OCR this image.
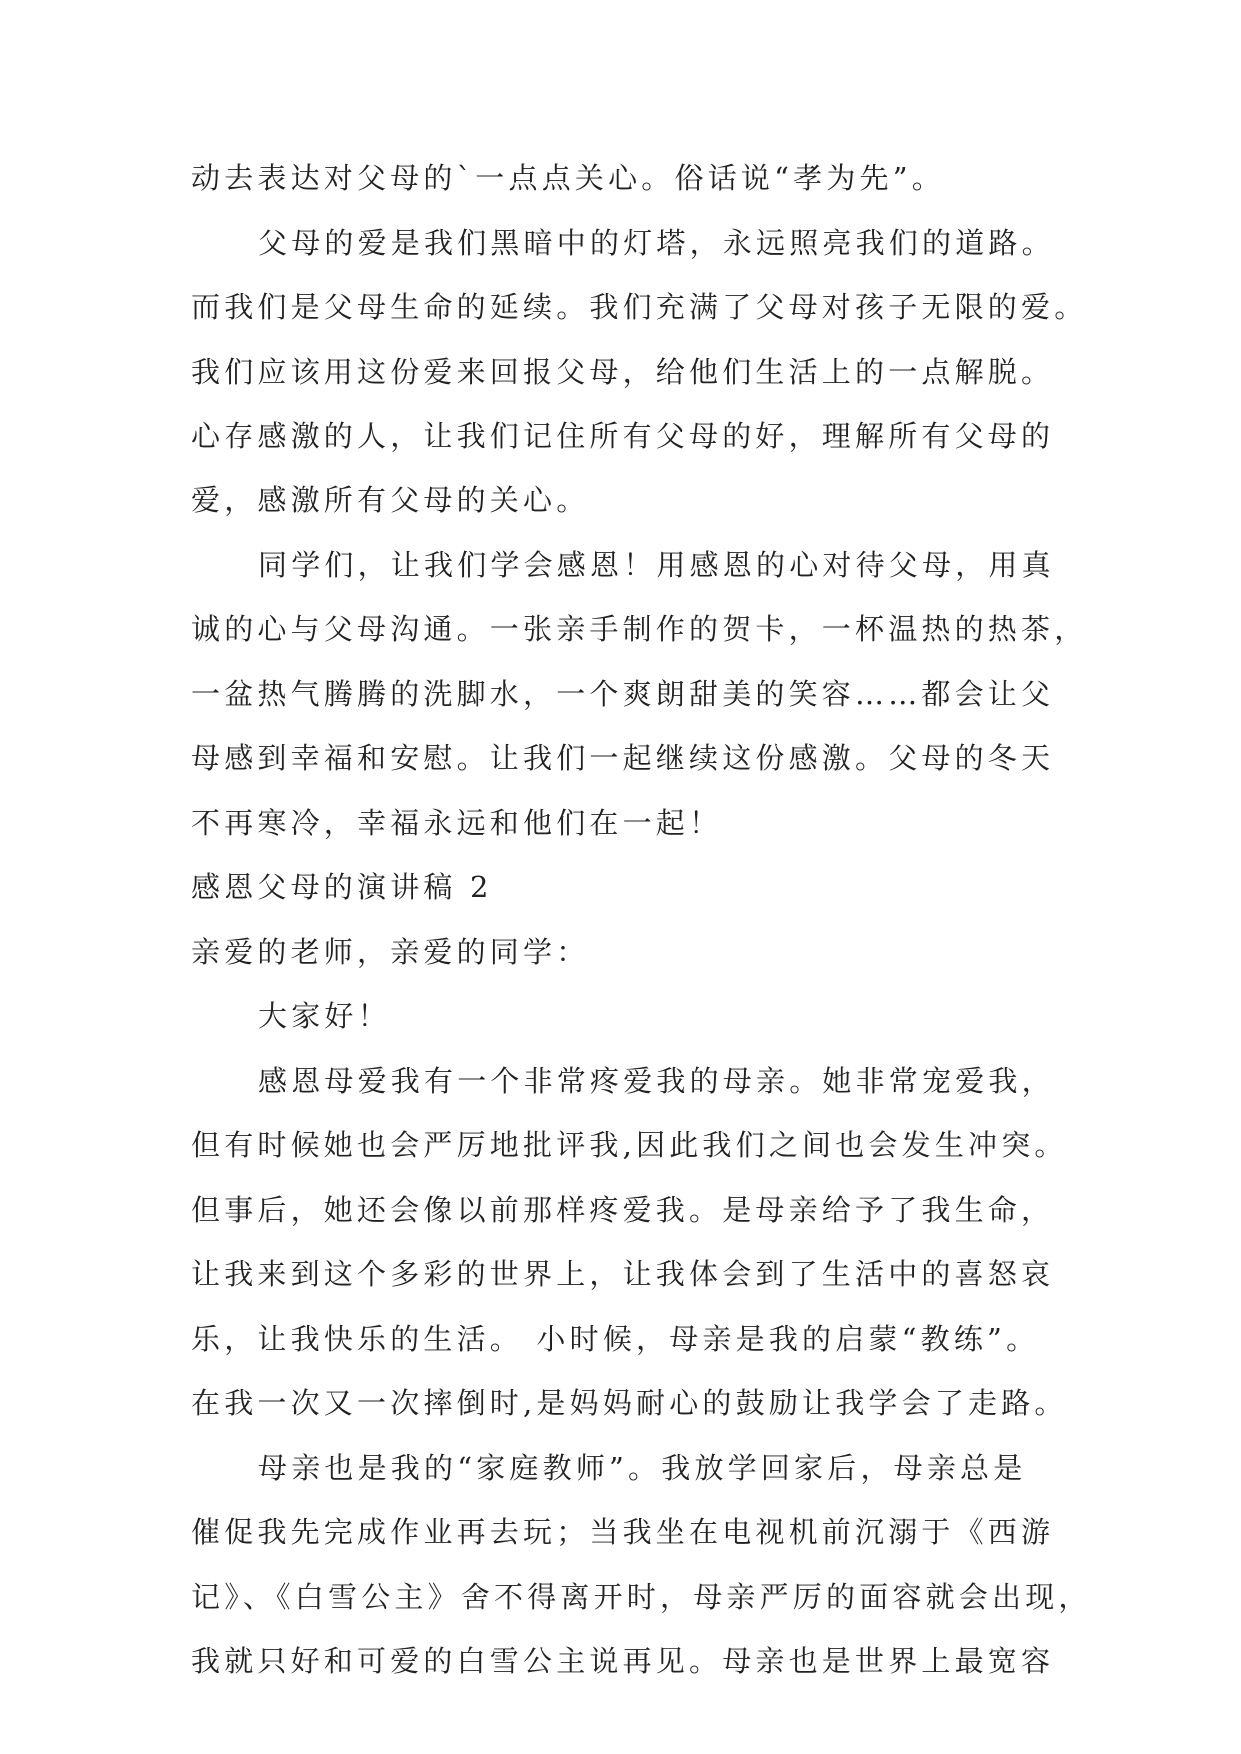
动去表达对父母的`一点点关心。俗话说“孝为先”。
父母的爱是我们黑暗中的灯塔，永远照亮我们的道路。
而我们是父母生命的延续。我们充满了父母对孩子无限的爱。
我们应该用这份爱来回报父母，给他们生活上的一点解脱。
心存感激的人，让我们记住所有父母的好，理解所有父母的
爱，感激所有父母的关心。
同学们，让我们学会感恩！用感恩的心对待父母，用真
诚的心与父母沟通。一张亲手制作的贺卡，一杯温热的热茶，
一盆热气腾腾的洗脚水，一个爽朗甜美的笑容……都会让父
母感到幸福和安慰。让我们一起继续这份感激。父母的冬天
不再寒冷，幸福永远和他们在一起！
感恩父母的演讲稿 2
亲爱的老师，亲爱的同学：
大家好！
感恩母爱我有一个非常疼爱我的母亲。她非常宠爱我，
但有时候她也会严厉地批评我,因此我们之间也会发生冲突。
但事后，她还会像以前那样疼爱我。是母亲给予了我生命，
让我来到这个多彩的世界上，让我体会到了生活中的喜怒哀
乐，让我快乐的生活。 小时候，母亲是我的启蒙“教练”。
在我一次又一次摔倒时,是妈妈耐心的鼓励让我学会了走路。
母亲也是我的“家庭教师”。我放学回家后，母亲总是
催促我先完成作业再去玩；当我坐在电视机前沉溺于《西游
记》、《白雪公主》舍不得离开时，母亲严厉的面容就会出现，
我就只好和可爱的白雪公主说再见。母亲也是世界上最宽容
